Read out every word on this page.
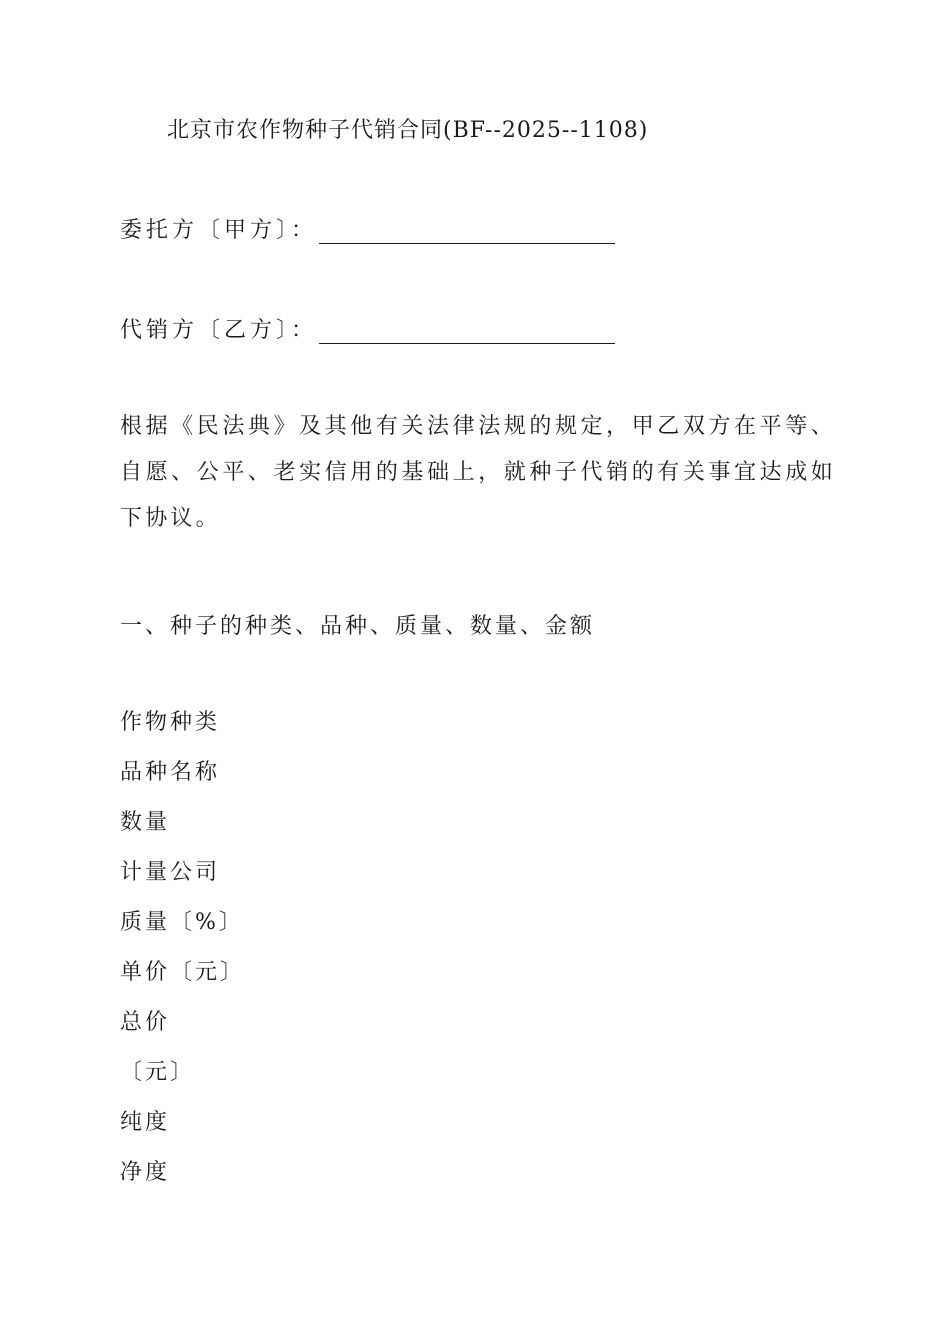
北京市农作物种子代销合同(BF--2025--1108)
委托方〔甲方〕：
代销方〔乙方〕：
根据《民法典》及其他有关法律法规的规定，甲乙双方在平等、自愿、公平、老实信用的基础上，就种子代销的有关事宜达成如下协议。
一、种子的种类、品种、质量、数量、金额
作物种类
品种名称
数量
计量公司
质量〔%〕
单价〔元〕
总价
〔元〕
纯度
净度
